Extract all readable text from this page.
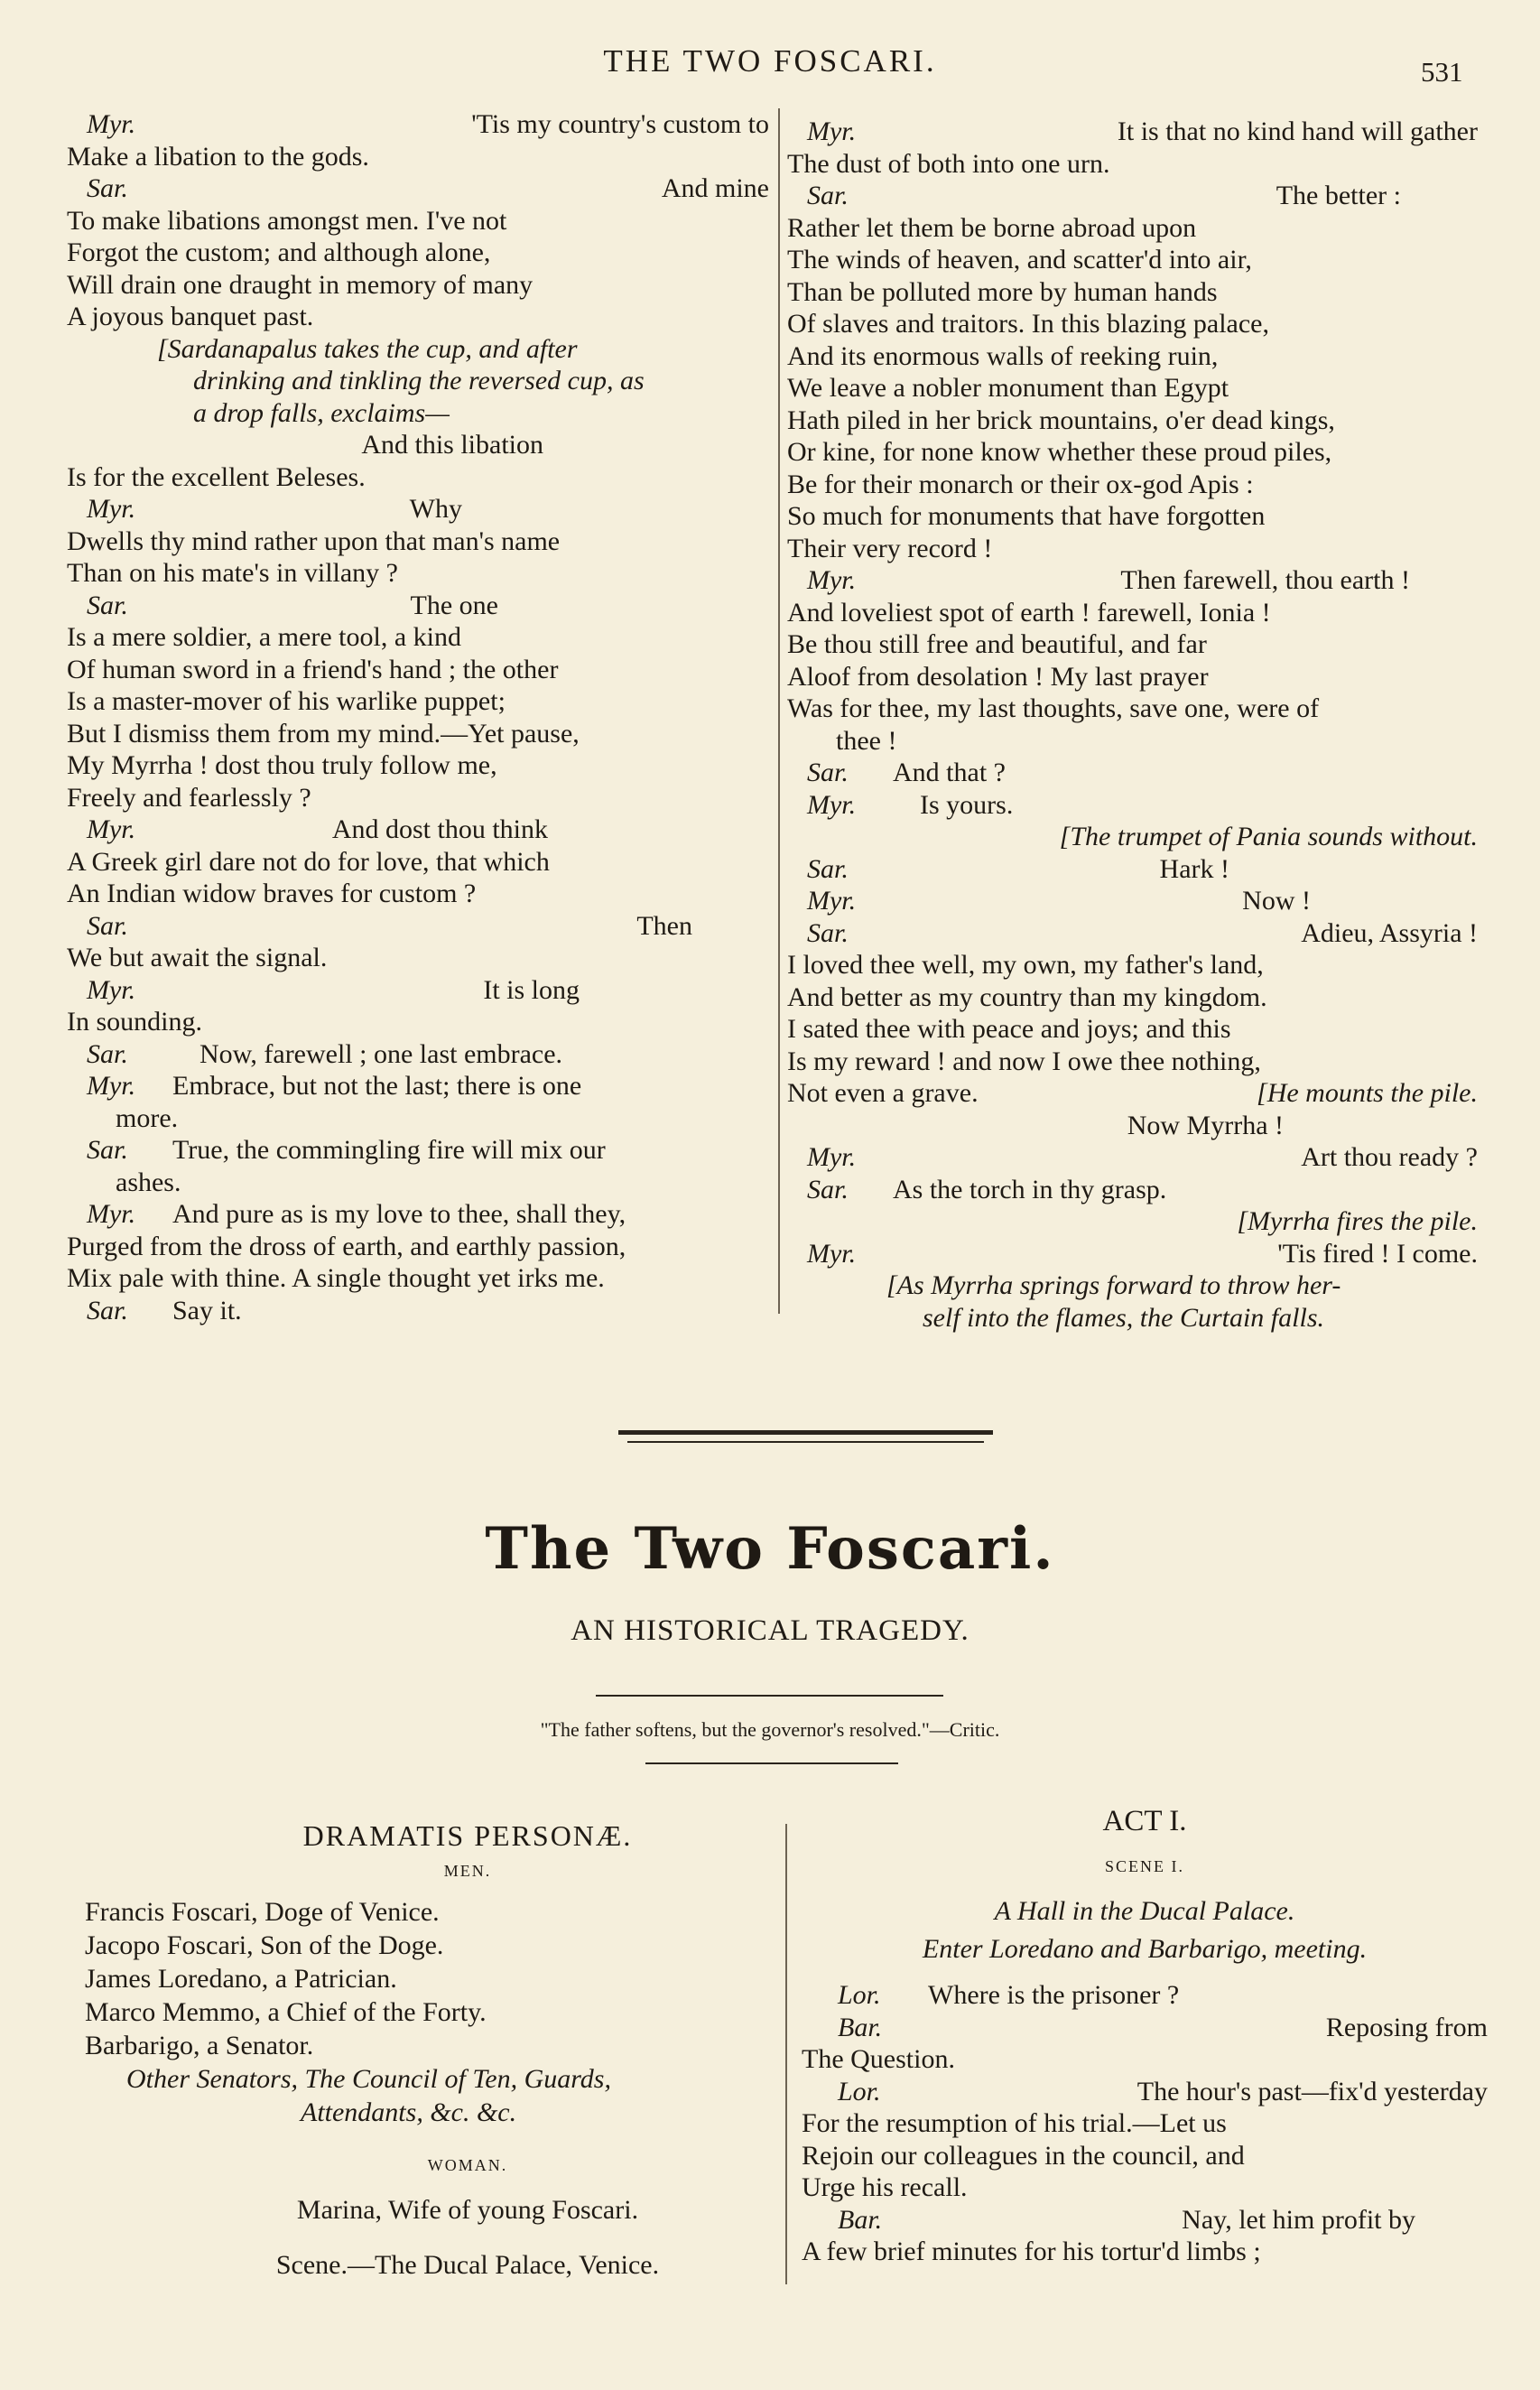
THE TWO FOSCARI.	531
Myr.	'Tis my country's custom to
Make a libation to the gods.
Sar.	And mine
To make libations amongst men. I've not
Forgot the custom; and although alone,
Will drain one draught in memory of many
A joyous banquet past.
[Sardanapalus takes the cup, and after
drinking and tinkling the reversed cup, as
a drop falls, exclaims—
And this libation
Is for the excellent Beleses.
Myr.	Why
Dwells thy mind rather upon that man's name
Than on his mate's in villany ?
Sar.	The one
Is a mere soldier, a mere tool, a kind
Of human sword in a friend's hand ; the other
Is a master-mover of his warlike puppet;
But I dismiss them from my mind.—Yet pause,
My Myrrha ! dost thou truly follow me,
Freely and fearlessly ?
Myr.	And dost thou think
A Greek girl dare not do for love, that which
An Indian widow braves for custom ?
Sar.	Then
We but await the signal.
Myr.	It is long
In sounding.
Sar.	Now, farewell ; one last embrace.
Myr. Embrace, but not the last; there is one
more.
Sar. True, the commingling fire will mix our
ashes.
Myr. And pure as is my love to thee, shall they,
Purged from the dross of earth, and earthly passion,
Mix pale with thine. A single thought yet irks me.
Sar. Say it.
Myr.	It is that no kind hand will gather
The dust of both into one urn.
Sar.	The better :
Rather let them be borne abroad upon
The winds of heaven, and scatter'd into air,
Than be polluted more by human hands
Of slaves and traitors. In this blazing palace,
And its enormous walls of reeking ruin,
We leave a nobler monument than Egypt
Hath piled in her brick mountains, o'er dead kings,
Or kine, for none know whether these proud piles,
Be for their monarch or their ox-god Apis :
So much for monuments that have forgotten
Their very record !
Myr.	Then farewell, thou earth !
And loveliest spot of earth ! farewell, Ionia !
Be thou still free and beautiful, and far
Aloof from desolation ! My last prayer
Was for thee, my last thoughts, save one, were of
thee !
Sar. And that ?
Myr. Is yours.
[The trumpet of Pania sounds without.
Sar.	Hark !
Myr.	Now !
Sar.	Adieu, Assyria !
I loved thee well, my own, my father's land,
And better as my country than my kingdom.
I sated thee with peace and joys; and this
Is my reward ! and now I owe thee nothing,
Not even a grave.	[He mounts the pile.
Now Myrrha !
Myr.	Art thou ready ?
Sar. As the torch in thy grasp.
[Myrrha fires the pile.
Myr.	'Tis fired ! I come.
[As Myrrha springs forward to throw her-
self into the flames, the Curtain falls.
The Two Foscari.
AN HISTORICAL TRAGEDY.
"The father softens, but the governor's resolved."—Critic.
DRAMATIS PERSONÆ.
MEN.
Francis Foscari, Doge of Venice.
Jacopo Foscari, Son of the Doge.
James Loredano, a Patrician.
Marco Memmo, a Chief of the Forty.
Barbarigo, a Senator.
Other Senators, The Council of Ten, Guards,
Attendants, &c. &c.
WOMAN.
Marina, Wife of young Foscari.
Scene.—The Ducal Palace, Venice.
ACT I.
SCENE I.
A Hall in the Ducal Palace.
Enter Loredano and Barbarigo, meeting.
Lor. Where is the prisoner ?
Bar.	Reposing from
The Question.
Lor.	The hour's past—fix'd yesterday
For the resumption of his trial.—Let us
Rejoin our colleagues in the council, and
Urge his recall.
Bar.	Nay, let him profit by
A few brief minutes for his tortur'd limbs ;
